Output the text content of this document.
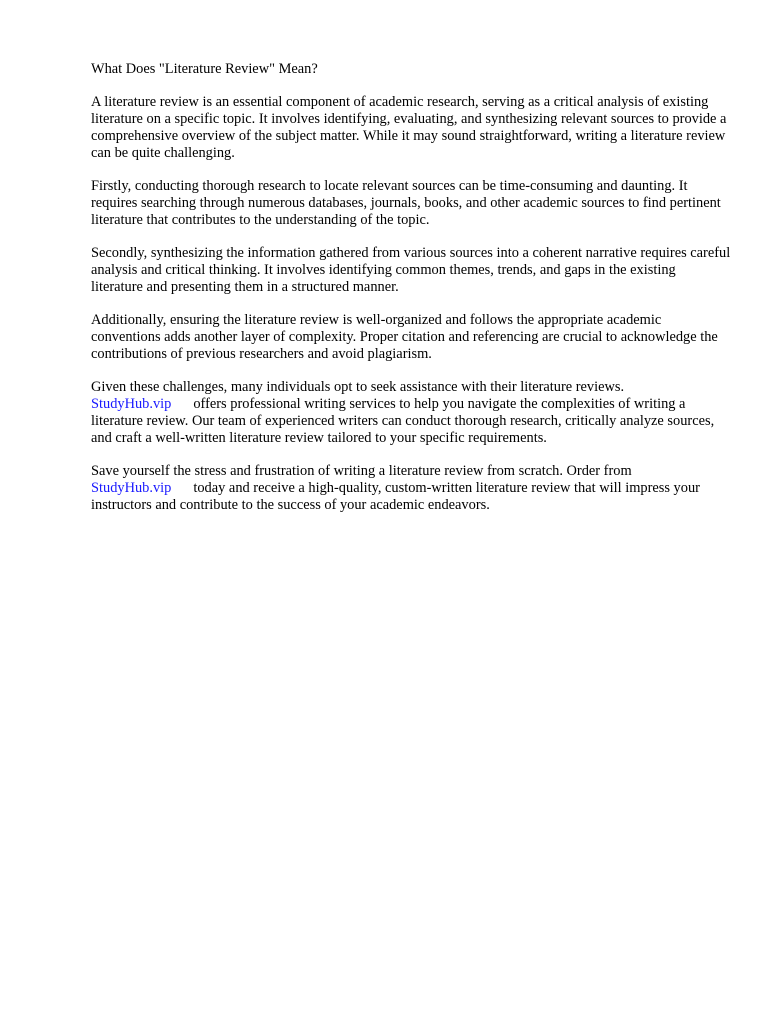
What Does "Literature Review" Mean?

A literature review is an essential component of academic research, serving as a critical analysis of existing literature on a specific topic. It involves identifying, evaluating, and synthesizing relevant sources to provide a comprehensive overview of the subject matter. While it may sound straightforward, writing a literature review can be quite challenging.

Firstly, conducting thorough research to locate relevant sources can be time-consuming and daunting. It requires searching through numerous databases, journals, books, and other academic sources to find pertinent literature that contributes to the understanding of the topic.

Secondly, synthesizing the information gathered from various sources into a coherent narrative requires careful analysis and critical thinking. It involves identifying common themes, trends, and gaps in the existing literature and presenting them in a structured manner.

Additionally, ensuring the literature review is well-organized and follows the appropriate academic conventions adds another layer of complexity. Proper citation and referencing are crucial to acknowledge the contributions of previous researchers and avoid plagiarism.

Given these challenges, many individuals opt to seek assistance with their literature reviews.
StudyHub.vip offers professional writing services to help you navigate the complexities of writing a literature review. Our team of experienced writers can conduct thorough research, critically analyze sources, and craft a well-written literature review tailored to your specific requirements.

Save yourself the stress and frustration of writing a literature review from scratch. Order from
StudyHub.vip today and receive a high-quality, custom-written literature review that will impress your instructors and contribute to the success of your academic endeavors.
